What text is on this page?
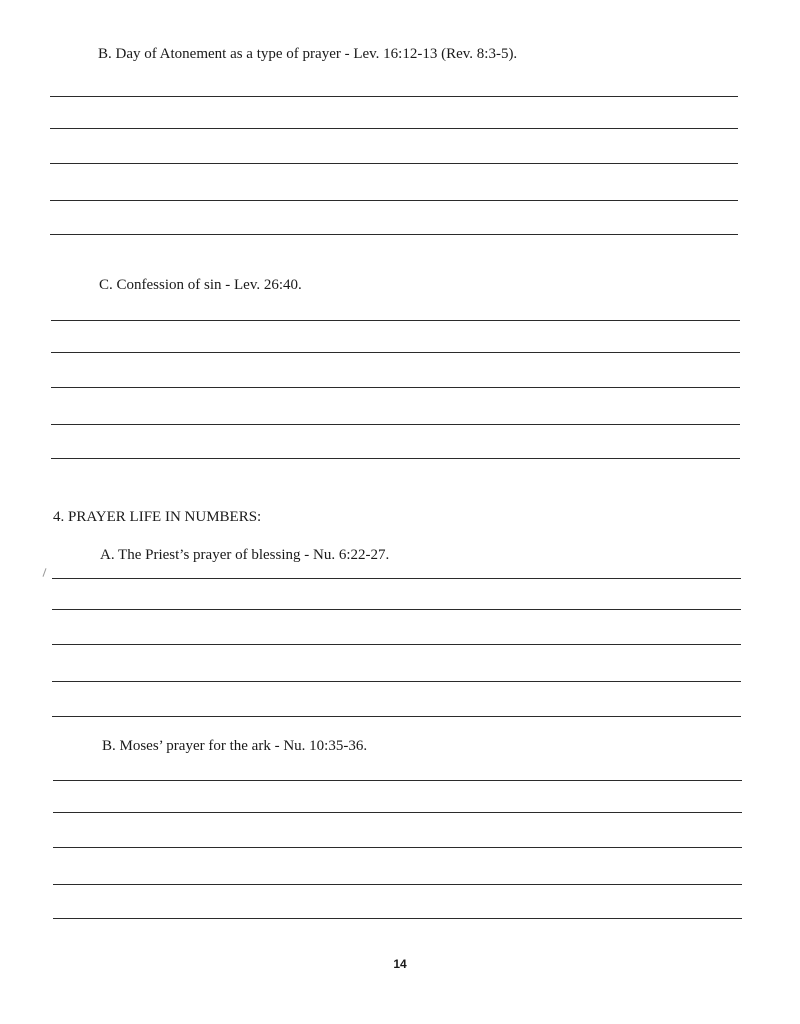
B. Day of Atonement as a type of prayer - Lev. 16:12-13 (Rev. 8:3-5).
C. Confession of sin - Lev. 26:40.
4. PRAYER LIFE IN NUMBERS:
A. The Priest’s prayer of blessing - Nu. 6:22-27.
B. Moses’ prayer for the ark - Nu. 10:35-36.
14
